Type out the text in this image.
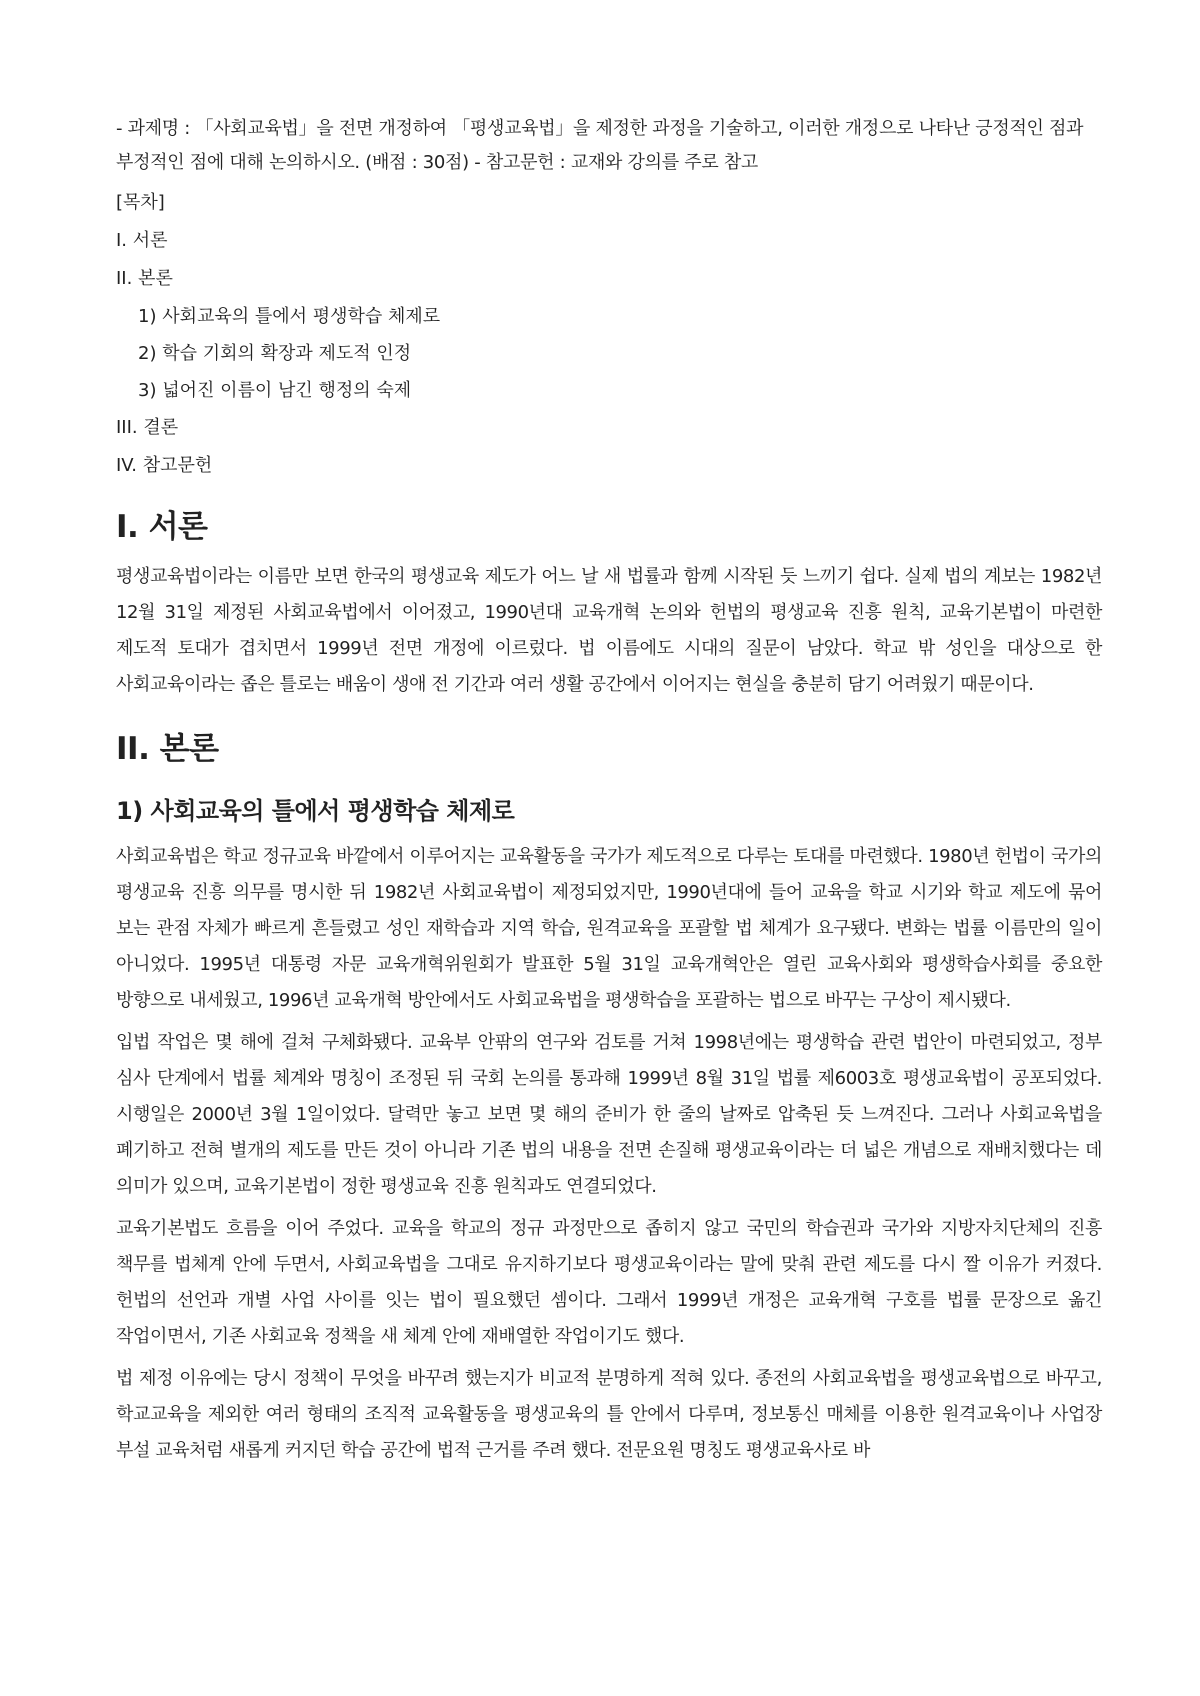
- 과제명 : 「사회교육법」을 전면 개정하여 「평생교육법」을 제정한 과정을 기술하고, 이러한 개정으로 나타난 긍정적인 점과 부정적인 점에 대해 논의하시오. (배점 : 30점) - 참고문헌 : 교재와 강의를 주로 참고

[목차]
I. 서론
II. 본론
1) 사회교육의 틀에서 평생학습 체제로
2) 학습 기회의 확장과 제도적 인정
3) 넓어진 이름이 남긴 행정의 숙제
III. 결론
IV. 참고문헌
I. 서론

평생교육법이라는 이름만 보면 한국의 평생교육 제도가 어느 날 새 법률과 함께 시작된 듯 느끼기 쉽다. 실제 법의 계보는 1982년 12월 31일 제정된 사회교육법에서 이어졌고, 1990년대 교육개혁 논의와 헌법의 평생교육 진흥 원칙, 교육기본법이 마련한 제도적 토대가 겹치면서 1999년 전면 개정에 이르렀다. 법 이름에도 시대의 질문이 남았다. 학교 밖 성인을 대상으로 한 사회교육이라는 좁은 틀로는 배움이 생애 전 기간과 여러 생활 공간에서 이어지는 현실을 충분히 담기 어려웠기 때문이다.

II. 본론
1) 사회교육의 틀에서 평생학습 체제로

사회교육법은 학교 정규교육 바깥에서 이루어지는 교육활동을 국가가 제도적으로 다루는 토대를 마련했다. 1980년 헌법이 국가의 평생교육 진흥 의무를 명시한 뒤 1982년 사회교육법이 제정되었지만, 1990년대에 들어 교육을 학교 시기와 학교 제도에 묶어 보는 관점 자체가 빠르게 흔들렸고 성인 재학습과 지역 학습, 원격교육을 포괄할 법 체계가 요구됐다. 변화는 법률 이름만의 일이 아니었다. 1995년 대통령 자문 교육개혁위원회가 발표한 5월 31일 교육개혁안은 열린 교육사회와 평생학습사회를 중요한 방향으로 내세웠고, 1996년 교육개혁 방안에서도 사회교육법을 평생학습을 포괄하는 법으로 바꾸는 구상이 제시됐다.

입법 작업은 몇 해에 걸쳐 구체화됐다. 교육부 안팎의 연구와 검토를 거쳐 1998년에는 평생학습 관련 법안이 마련되었고, 정부 심사 단계에서 법률 체계와 명칭이 조정된 뒤 국회 논의를 통과해 1999년 8월 31일 법률 제6003호 평생교육법이 공포되었다. 시행일은 2000년 3월 1일이었다. 달력만 놓고 보면 몇 해의 준비가 한 줄의 날짜로 압축된 듯 느껴진다. 그러나 사회교육법을 폐기하고 전혀 별개의 제도를 만든 것이 아니라 기존 법의 내용을 전면 손질해 평생교육이라는 더 넓은 개념으로 재배치했다는 데 의미가 있으며, 교육기본법이 정한 평생교육 진흥 원칙과도 연결되었다.

교육기본법도 흐름을 이어 주었다. 교육을 학교의 정규 과정만으로 좁히지 않고 국민의 학습권과 국가와 지방자치단체의 진흥 책무를 법체계 안에 두면서, 사회교육법을 그대로 유지하기보다 평생교육이라는 말에 맞춰 관련 제도를 다시 짤 이유가 커졌다. 헌법의 선언과 개별 사업 사이를 잇는 법이 필요했던 셈이다. 그래서 1999년 개정은 교육개혁 구호를 법률 문장으로 옮긴 작업이면서, 기존 사회교육 정책을 새 체계 안에 재배열한 작업이기도 했다.

법 제정 이유에는 당시 정책이 무엇을 바꾸려 했는지가 비교적 분명하게 적혀 있다. 종전의 사회교육법을 평생교육법으로 바꾸고, 학교교육을 제외한 여러 형태의 조직적 교육활동을 평생교육의 틀 안에서 다루며, 정보통신 매체를 이용한 원격교육이나 사업장 부설 교육처럼 새롭게 커지던 학습 공간에 법적 근거를 주려 했다. 전문요원 명칭도 평생교육사로 바
